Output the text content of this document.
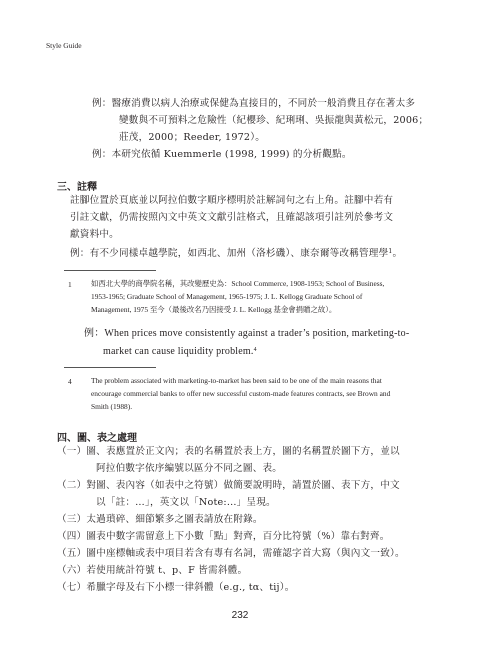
Style Guide
例：醫療消費以病人治療或保健為直接目的，不同於一般消費且存在著太多
變數與不可預料之危險性（紀櫻珍、紀琍琍、吳振龍與黃松元，2006；
莊茂，2000；Reeder, 1972）。
例：本研究依循 Kuemmerle (1998, 1999) 的分析觀點。
三、註釋
註腳位置於頁底並以阿拉伯數字順序標明於註解詞句之右上角。註腳中若有
引註文獻，仍需按照內文中英文文獻引註格式，且確認該項引註列於參考文
獻資料中。
例：有不少同樣卓越學院，如西北、加州（洛杉磯）、康奈爾等改稱管理學$^1$。
1	如西北大學的商學院名稱，其改變歷史為：School Commerce, 1908-1953; School of Business,
1953-1965; Graduate School of Management, 1965-1975; J. L. Kellogg Graduate School of
Management, 1975 至今（最後改名乃因接受 J. L. Kellogg 基金會捐贈之故）。
例：When prices move consistently against a trader’s position, marketing-to-
market can cause liquidity problem.$^4$
4	The problem associated with marketing-to-market has been said to be one of the main reasons that
encourage commercial banks to offer new successful custom-made features contracts, see Brown and
Smith (1988).
四、圖、表之處理
（一）圖、表應置於正文內；表的名稱置於表上方，圖的名稱置於圖下方，並以
阿拉伯數字依序編號以區分不同之圖、表。
（二）對圖、表內容（如表中之符號）做簡要說明時，請置於圖、表下方，中文
以「註：…」，英文以「Note:...」呈現。
（三）太過瑣碎、細節繁多之圖表請放在附錄。
（四）圖表中數字需留意上下小數「點」對齊，百分比符號（%）靠右對齊。
（五）圖中座標軸或表中項目若含有專有名詞，需確認字首大寫（與內文一致）。
（六）若使用統計符號 t、p、F 皆需斜體。
（七）希臘字母及右下小標一律斜體（e.g., tα、tij）。
232
